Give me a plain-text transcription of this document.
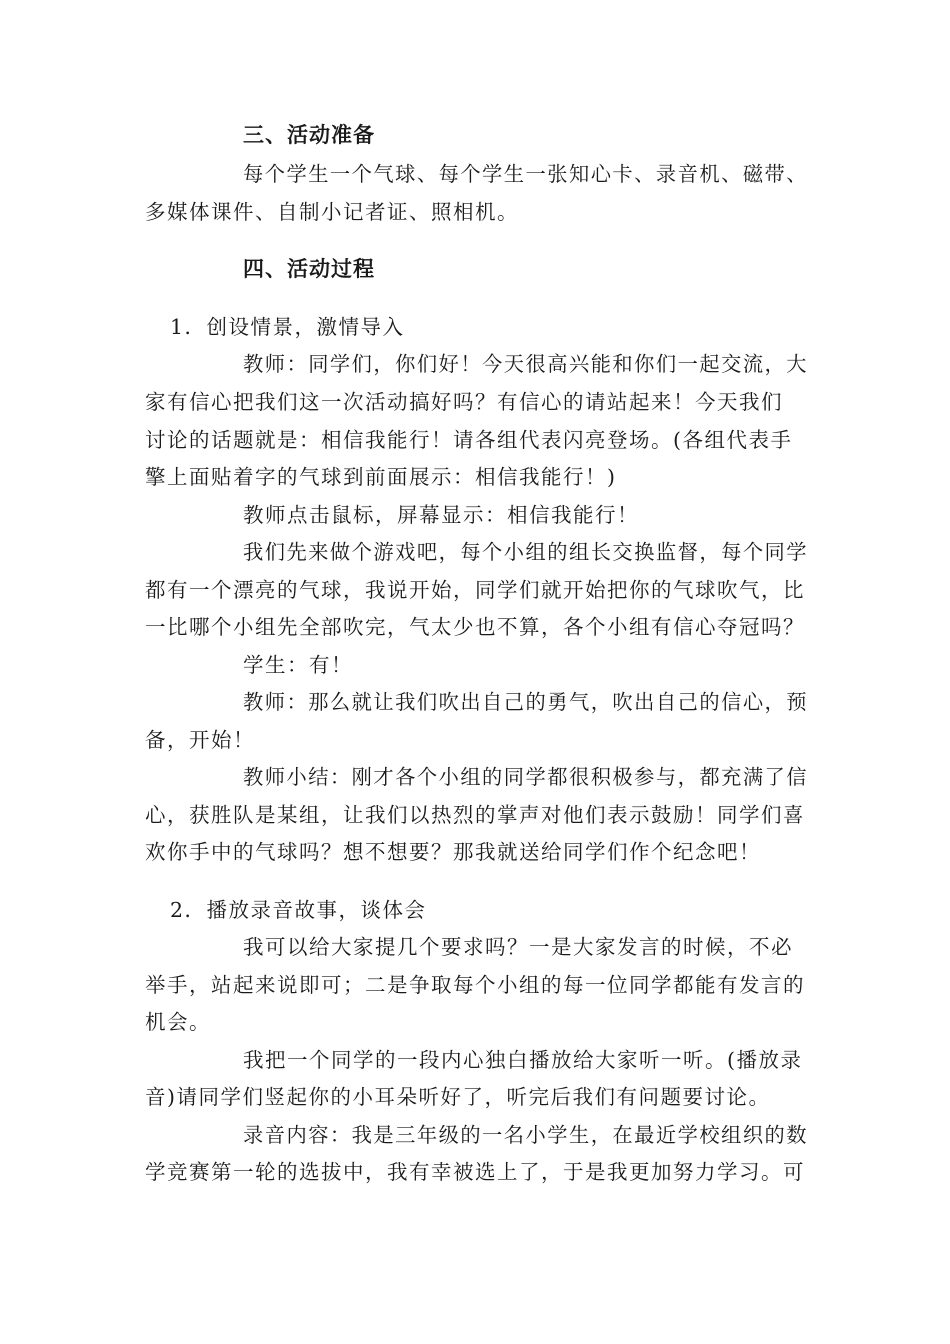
三、活动准备
每个学生一个气球、每个学生一张知心卡、录音机、磁带、
多媒体课件、自制小记者证、照相机。
四、活动过程
1．创设情景，激情导入
教师：同学们，你们好！今天很高兴能和你们一起交流，大
家有信心把我们这一次活动搞好吗？有信心的请站起来！今天我们
讨论的话题就是：相信我能行！请各组代表闪亮登场。(各组代表手
擎上面贴着字的气球到前面展示：相信我能行！)
教师点击鼠标，屏幕显示：相信我能行！
我们先来做个游戏吧，每个小组的组长交换监督，每个同学
都有一个漂亮的气球，我说开始，同学们就开始把你的气球吹气，比
一比哪个小组先全部吹完，气太少也不算，各个小组有信心夺冠吗？
学生：有！
教师：那么就让我们吹出自己的勇气，吹出自己的信心，预
备，开始！
教师小结：刚才各个小组的同学都很积极参与，都充满了信
心，获胜队是某组，让我们以热烈的掌声对他们表示鼓励！同学们喜
欢你手中的气球吗？想不想要？那我就送给同学们作个纪念吧！
2．播放录音故事，谈体会
我可以给大家提几个要求吗？一是大家发言的时候，不必
举手，站起来说即可；二是争取每个小组的每一位同学都能有发言的
机会。
我把一个同学的一段内心独白播放给大家听一听。(播放录
音)请同学们竖起你的小耳朵听好了，听完后我们有问题要讨论。
录音内容：我是三年级的一名小学生，在最近学校组织的数
学竞赛第一轮的选拔中，我有幸被选上了，于是我更加努力学习。可
